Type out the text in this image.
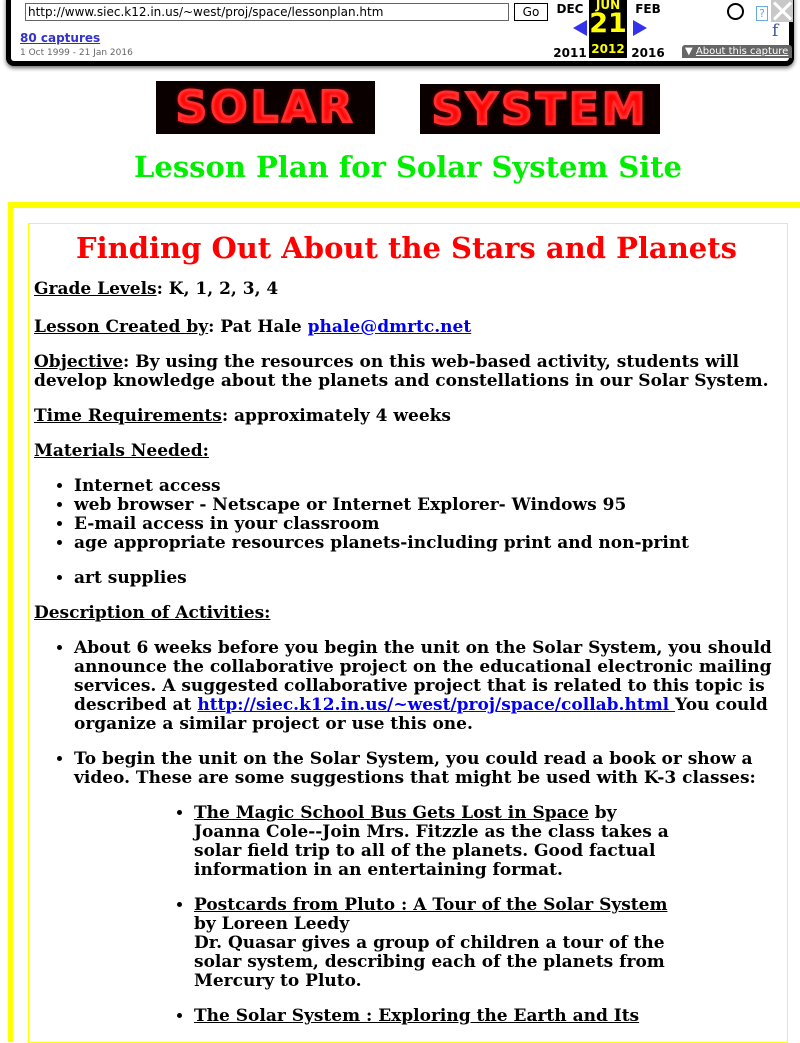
http://www.siec.k12.in.us/~west/proj/space/lessonplan.htm
Go
80 captures
1 Oct 1999 - 21 Jan 2016
DEC
2011
JUN
21
2012
FEB
2016
?
f
▼ About this capture
SOLAR SYSTEM
Lesson Plan for Solar System Site
Finding Out About the Stars and Planets

Grade Levels: K, 1, 2, 3, 4

Lesson Created by: Pat Hale phale@dmrtc.net

Objective: By using the resources on this web-based activity, students will develop knowledge about the planets and constellations in our Solar System.

Time Requirements: approximately 4 weeks

Materials Needed:

• Internet access
• web browser - Netscape or Internet Explorer- Windows 95
• E-mail access in your classroom
• age appropriate resources planets-including print and non-print
• art supplies

Description of Activities:

• About 6 weeks before you begin the unit on the Solar System, you should announce the collaborative project on the educational electronic mailing services. A suggested collaborative project that is related to this topic is described at http://siec.k12.in.us/~west/proj/space/collab.html You could organize a similar project or use this one.
• To begin the unit on the Solar System, you could read a book or show a video. These are some suggestions that might be used with K-3 classes:
• The Magic School Bus Gets Lost in Space by Joanna Cole--Join Mrs. Fitzzle as the class takes a solar field trip to all of the planets. Good factual information in an entertaining format.
• Postcards from Pluto : A Tour of the Solar System
by Loreen Leedy
Dr. Quasar gives a group of children a tour of the solar system, describing each of the planets from Mercury to Pluto.
• The Solar System : Exploring the Earth and Its
